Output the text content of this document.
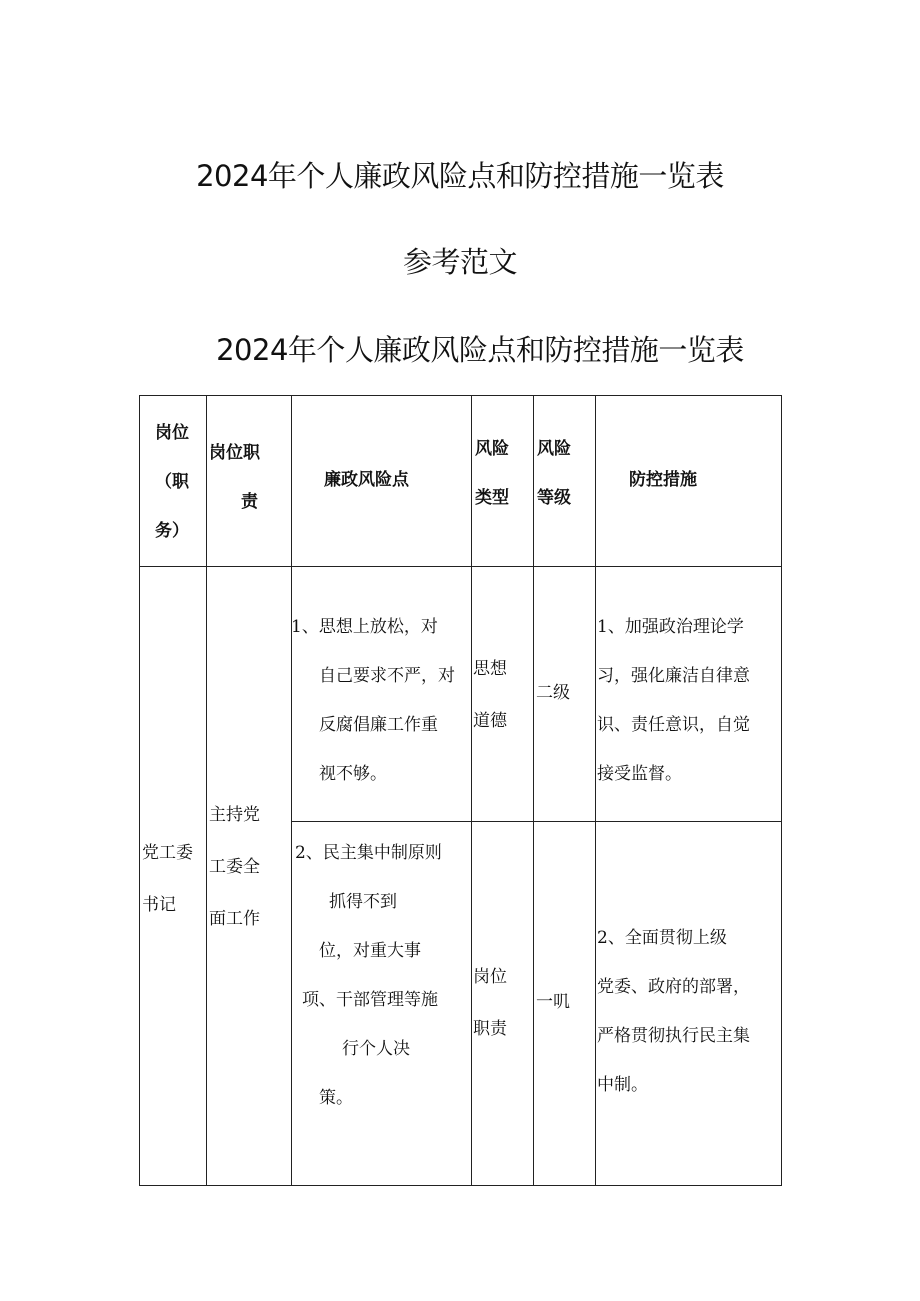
2024年个人廉政风险点和防控措施一览表
参考范文
2024年个人廉政风险点和防控措施一览表
岗位
（职
务）
岗位职
责
廉政风险点
风险
类型
风险
等级
防控措施
党工委
书记
主持党
工委全
面工作
1、思想上放松，对
自己要求不严，对
反腐倡廉工作重
视不够。
思想
道德
二级
1、加强政治理论学
习，强化廉洁自律意
识、责任意识，自觉
接受监督。
2、民主集中制原则
抓得不到
位，对重大事
项、干部管理等施
行个人决
策。
岗位
职责
一叽
2、全面贯彻上级
党委、政府的部署，
严格贯彻执行民主集
中制。
